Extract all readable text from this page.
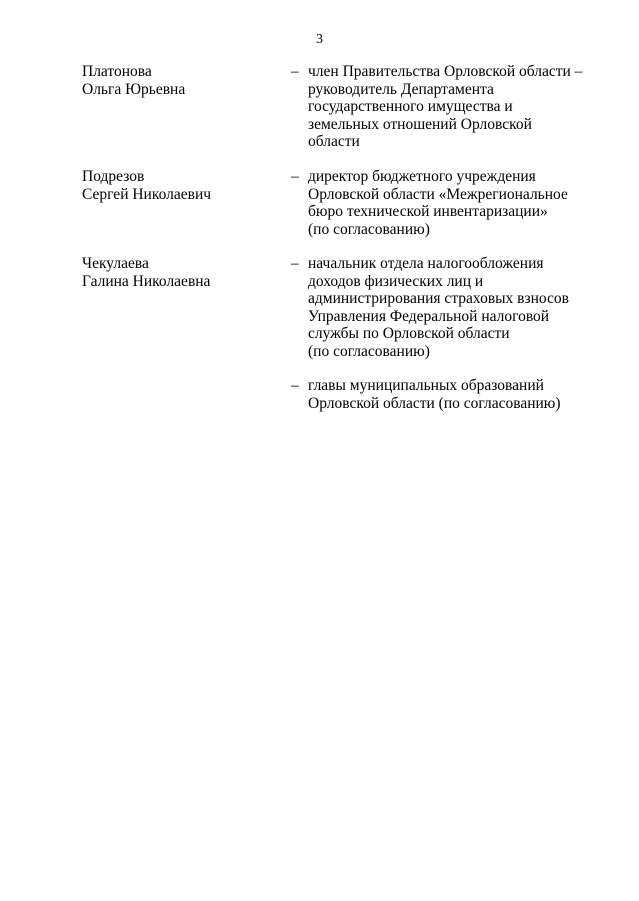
3
Платонова
Ольга Юрьевна
– член Правительства Орловской области –
руководитель Департамента
государственного имущества и
земельных отношений Орловской
области
Подрезов
Сергей Николаевич
– директор бюджетного учреждения
Орловской области «Межрегиональное
бюро технической инвентаризации»
(по согласованию)
Чекулаева
Галина Николаевна
– начальник отдела налогообложения
доходов физических лиц и
администрирования страховых взносов
Управления Федеральной налоговой
службы по Орловской области
(по согласованию)
– главы муниципальных образований
Орловской области (по согласованию)
